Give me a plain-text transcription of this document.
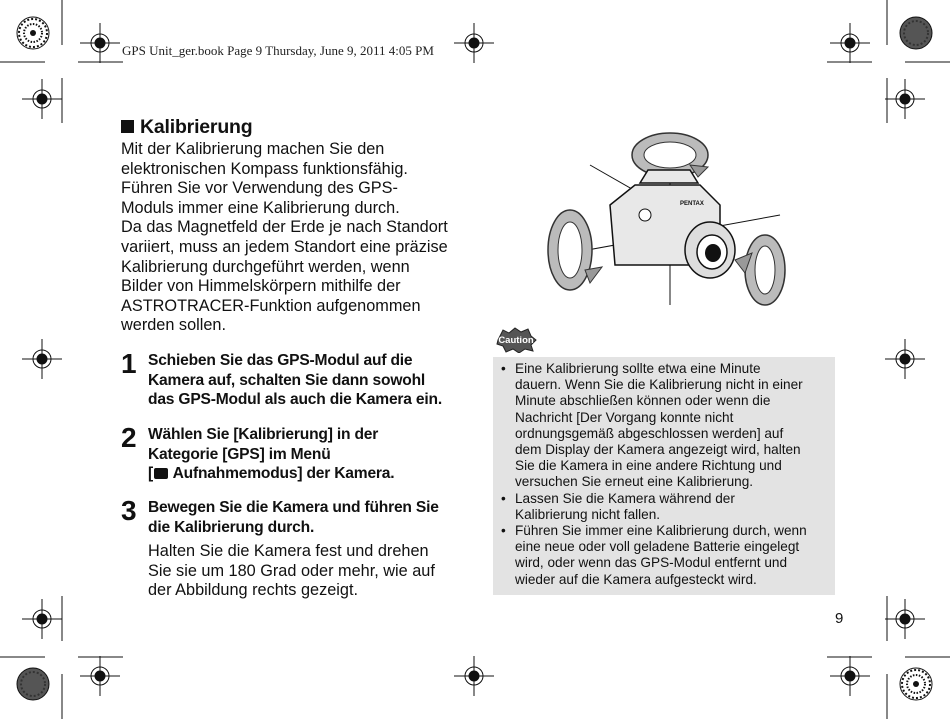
GPS Unit_ger.book Page 9 Thursday, June 9, 2011 4:05 PM
Kalibrierung
Mit der Kalibrierung machen Sie den
elektronischen Kompass funktionsfähig.
Führen Sie vor Verwendung des GPS-
Moduls immer eine Kalibrierung durch.
Da das Magnetfeld der Erde je nach Standort
variiert, muss an jedem Standort eine präzise
Kalibrierung durchgeführt werden, wenn
Bilder von Himmelskörpern mithilfe der
ASTROTRACER-Funktion aufgenommen
werden sollen.
1 Schieben Sie das GPS-Modul auf die
Kamera auf, schalten Sie dann sowohl
das GPS-Modul als auch die Kamera ein.
2 Wählen Sie [Kalibrierung] in der
Kategorie [GPS] im Menü
[ Aufnahmemodus] der Kamera.
3 Bewegen Sie die Kamera und führen Sie
die Kalibrierung durch.
Halten Sie die Kamera fest und drehen
Sie sie um 180 Grad oder mehr, wie auf
der Abbildung rechts gezeigt.
PENTAX
Caution
• Eine Kalibrierung sollte etwa eine Minute
dauern. Wenn Sie die Kalibrierung nicht in einer
Minute abschließen können oder wenn die
Nachricht [Der Vorgang konnte nicht
ordnungsgemäß abgeschlossen werden] auf
dem Display der Kamera angezeigt wird, halten
Sie die Kamera in eine andere Richtung und
versuchen Sie erneut eine Kalibrierung.
• Lassen Sie die Kamera während der
Kalibrierung nicht fallen.
• Führen Sie immer eine Kalibrierung durch, wenn
eine neue oder voll geladene Batterie eingelegt
wird, oder wenn das GPS-Modul entfernt und
wieder auf die Kamera aufgesteckt wird.
9
